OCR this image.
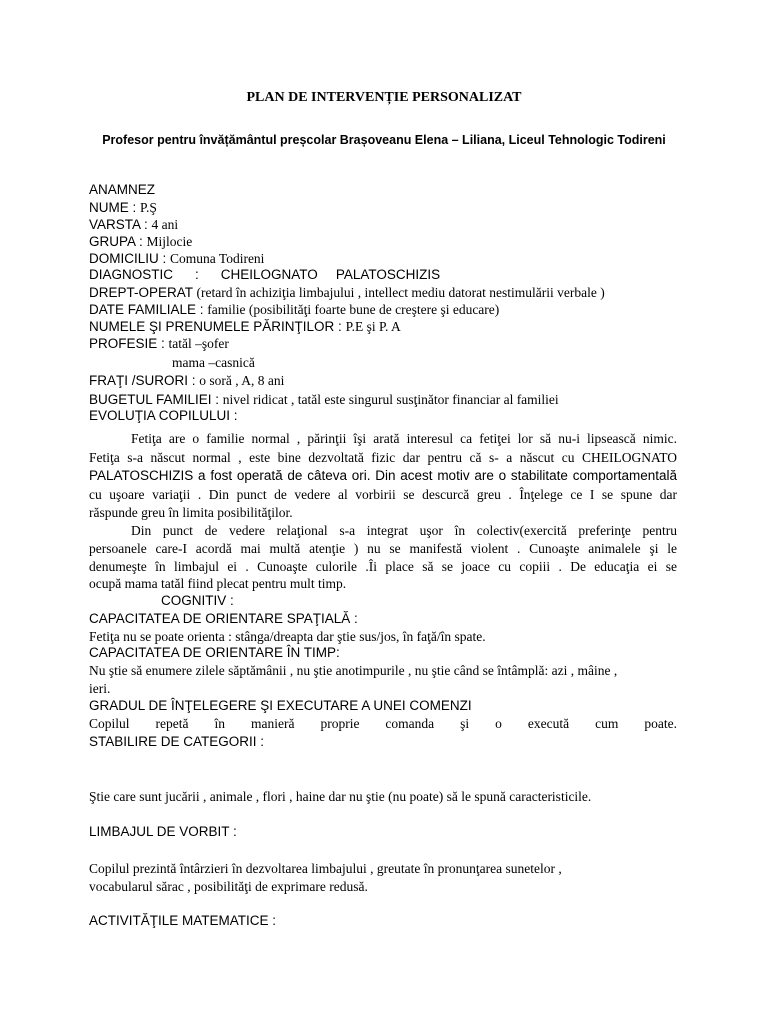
PLAN DE INTERVENȚIE PERSONALIZAT
Profesor pentru învățământul preșcolar Brașoveanu Elena – Liliana, Liceul Tehnologic Todireni
ANAMNEZ
NUME : P.Ş
VARSTA : 4 ani
GRUPA : Mijlocie
DOMICILIU : Comuna Todireni
DIAGNOSTIC : CHEILOGNATO PALATOSCHIZIS
DREPT-OPERAT (retard în achiziţia limbajului , intellect mediu datorat nestimulării verbale )
DATE FAMILIALE : familie (posibilităţi foarte bune de creştere şi educare)
NUMELE ŞI PRENUMELE PĂRINŢILOR : P.E şi P. A
PROFESIE : tatăl –şofer
mama –casnică
FRAŢI /SURORI : o soră , A, 8 ani
BUGETUL FAMILIEI : nivel ridicat , tatăl este singurul susţinător financiar al familiei
EVOLUŢIA COPILULUI :
Fetiţa are o familie normal , părinţii îşi arată interesul ca fetiţei lor să nu-i lipsească nimic.
Fetiţa s-a născut normal , este bine dezvoltată fizic dar pentru că s- a născut cu CHEILOGNATO
PALATOSCHIZIS a fost operată de câteva ori. Din acest motiv are o stabilitate comportamentală
cu uşoare variaţii . Din punct de vedere al vorbirii se descurcă greu . Înţelege ce I se spune dar
răspunde greu în limita posibilităţilor.
Din punct de vedere relaţional s-a integrat uşor în colectiv(exercită preferinţe pentru
persoanele care-I acordă mai multă atenţie ) nu se manifestă violent . Cunoaşte animalele şi le
denumeşte în limbajul ei . Cunoaşte culorile .Îi place să se joace cu copiii . De educaţia ei se
ocupă mama tatăl fiind plecat pentru mult timp.
COGNITIV :
CAPACITATEA DE ORIENTARE SPAŢIALĂ :
Fetiţa nu se poate orienta : stânga/dreapta dar ştie sus/jos, în faţă/în spate.
CAPACITATEA DE ORIENTARE ÎN TIMP:
Nu ştie să enumere zilele săptămânii , nu ştie anotimpurile , nu ştie când se întâmplă: azi , mâine ,
ieri.
GRADUL DE ÎNŢELEGERE ŞI EXECUTARE A UNEI COMENZI
Copilul repetă în manieră proprie comanda şi o execută cum poate.
STABILIRE DE CATEGORII :
Ştie care sunt jucării , animale , flori , haine dar nu ştie (nu poate) să le spună caracteristicile.
LIMBAJUL DE VORBIT :
Copilul prezintă întârzieri în dezvoltarea limbajului , greutate în pronunţarea sunetelor ,
vocabularul sărac , posibilităţi de exprimare redusă.
ACTIVITĂŢILE MATEMATICE :
